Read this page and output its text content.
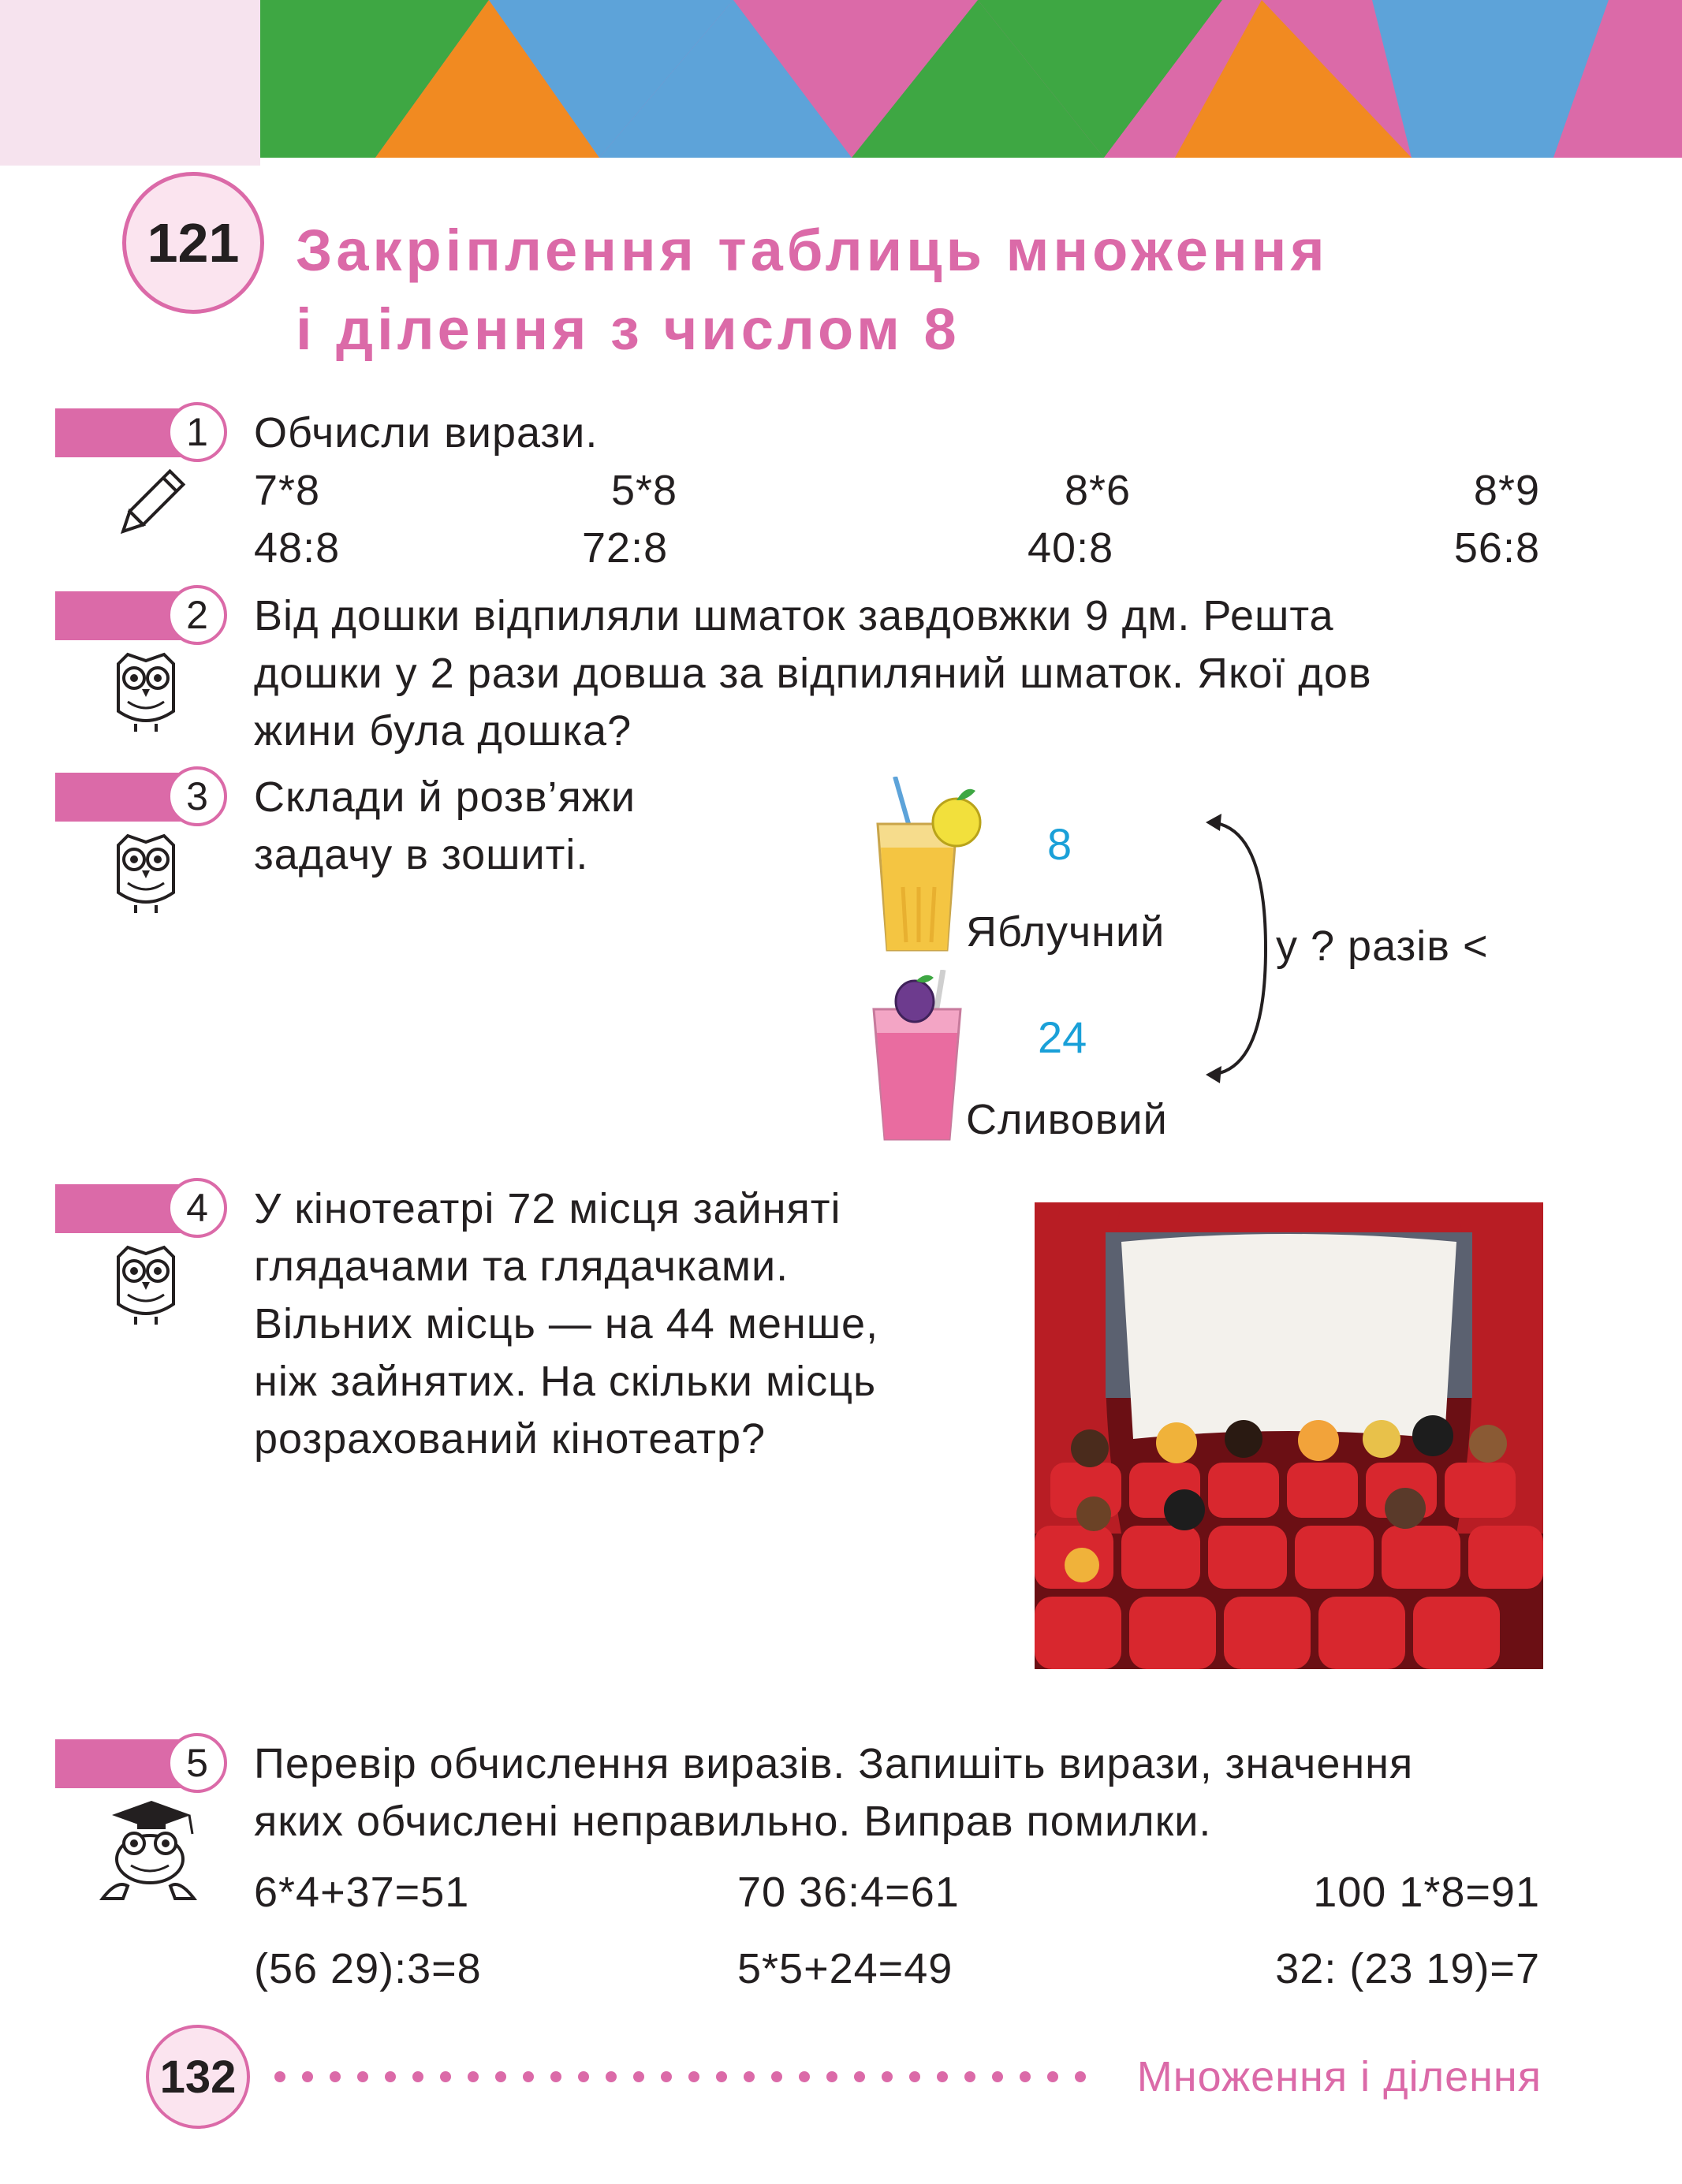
121 Закріплення таблиць множення
і ділення з числом 8
1	Обчисли вирази.
7*8	5*8	8*6	8*9
48:8	72:8	40:8	56:8
2	Від дошки відпиляли шматок завдовжки 9 дм. Решта
дошки у 2 рази довша за відпиляний шматок. Якої дов
жини була дошка?
3	Склади й розв’яжи
задачу в зошиті.	8
Яблучний
24
Сливовий
у ? разів <
4	У кінотеатрі 72 місця зайняті
глядачами та глядачками.
Вільних місць — на 44 менше,
ніж зайнятих. На скільки місць
розрахований кінотеатр?
5	Перевір обчислення виразів. Запишіть вирази, значення
яких обчислені неправильно. Виправ помилки.
6*4+37=51	70 36:4=61	100 1*8=91
(56 29):3=8	5*5+24=49	32: (23 19)=7
132	Множення і ділення
